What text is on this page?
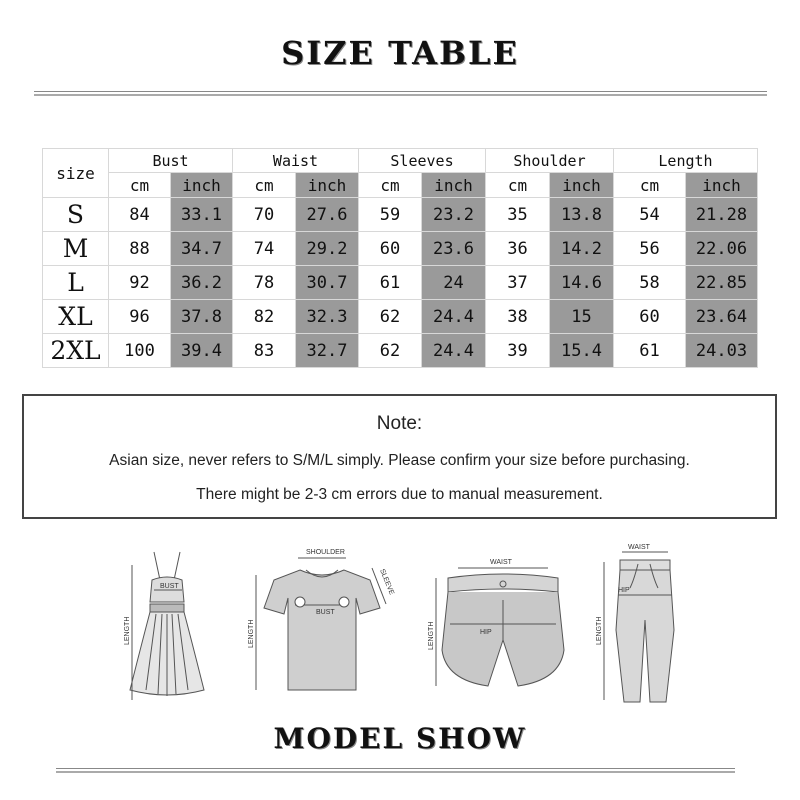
SIZE TABLE
size	Bust		Waist		Sleeves		Shoulder		Length	
	cm	inch	cm	inch	cm	inch	cm	inch	cm	inch
S	84	33.1	70	27.6	59	23.2	35	13.8	54	21.28
M	88	34.7	74	29.2	60	23.6	36	14.2	56	22.06
L	92	36.2	78	30.7	61	24	37	14.6	58	22.85
XL	96	37.8	82	32.3	62	24.4	38	15	60	23.64
2XL	100	39.4	83	32.7	62	24.4	39	15.4	61	24.03
Note:
Asian size, never refers to S/M/L simply. Please confirm your size before purchasing.
There might be 2-3 cm errors due to manual measurement.
LENGTH
BUST
SHOULDER
SLEEVE
BUST
LENGTH
WAIST
HIP
LENGTH
WAIST
HIP
LENGTH
MODEL SHOW
